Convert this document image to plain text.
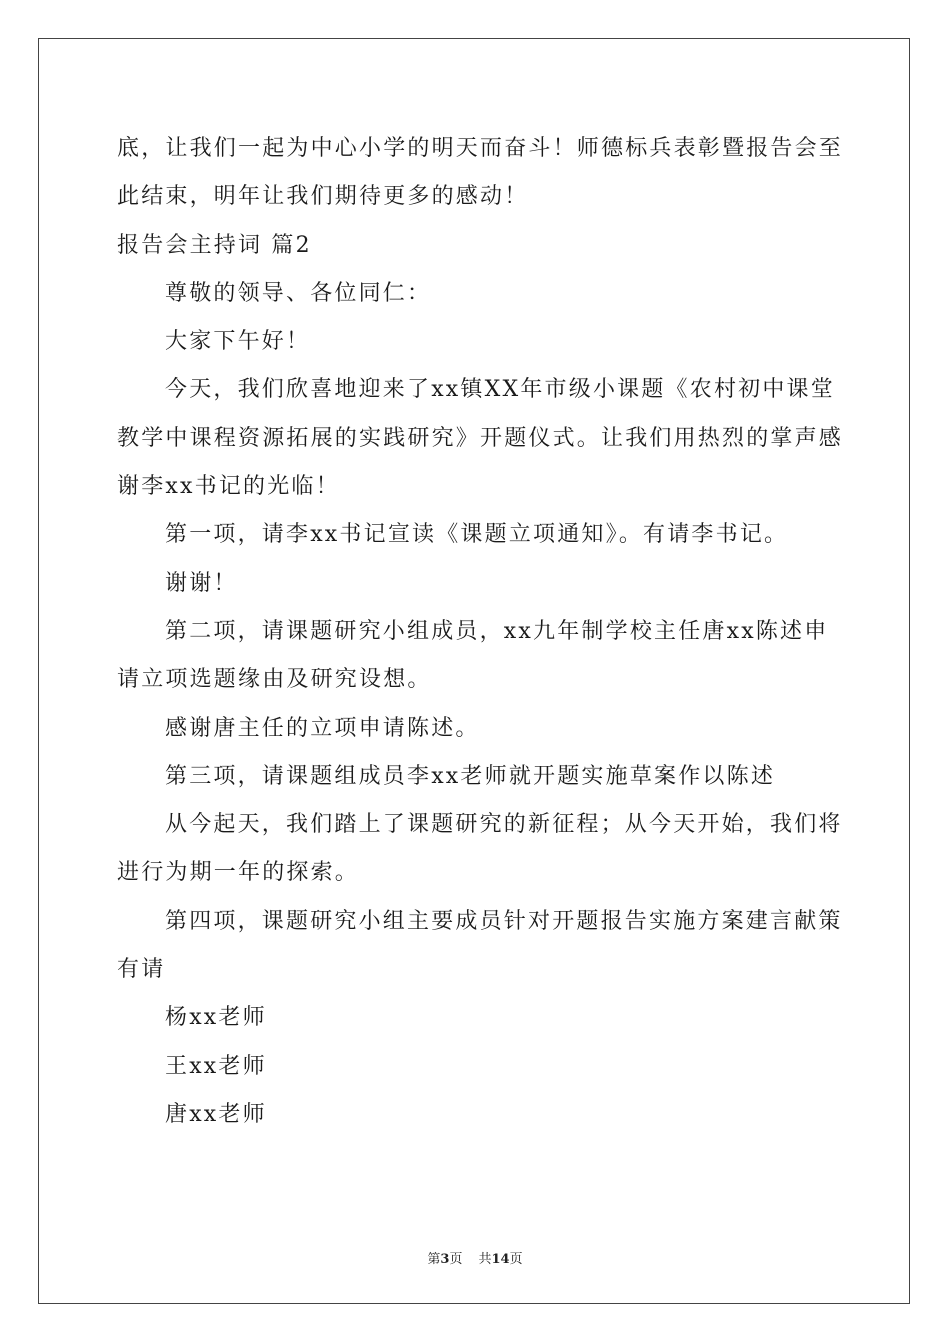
底，让我们一起为中心小学的明天而奋斗！师德标兵表彰暨报告会至
此结束，明年让我们期待更多的感动！
报告会主持词 篇2
尊敬的领导、各位同仁：
大家下午好！
今天，我们欣喜地迎来了xx镇XX年市级小课题《农村初中课堂
教学中课程资源拓展的实践研究》开题仪式。让我们用热烈的掌声感
谢李xx书记的光临！
第一项，请李xx书记宣读《课题立项通知》。有请李书记。
谢谢！
第二项，请课题研究小组成员，xx九年制学校主任唐xx陈述申
请立项选题缘由及研究设想。
感谢唐主任的立项申请陈述。
第三项，请课题组成员李xx老师就开题实施草案作以陈述
从今起天，我们踏上了课题研究的新征程；从今天开始，我们将
进行为期一年的探索。
第四项，课题研究小组主要成员针对开题报告实施方案建言献策
有请
杨xx老师
王xx老师
唐xx老师
第3页 共14页
